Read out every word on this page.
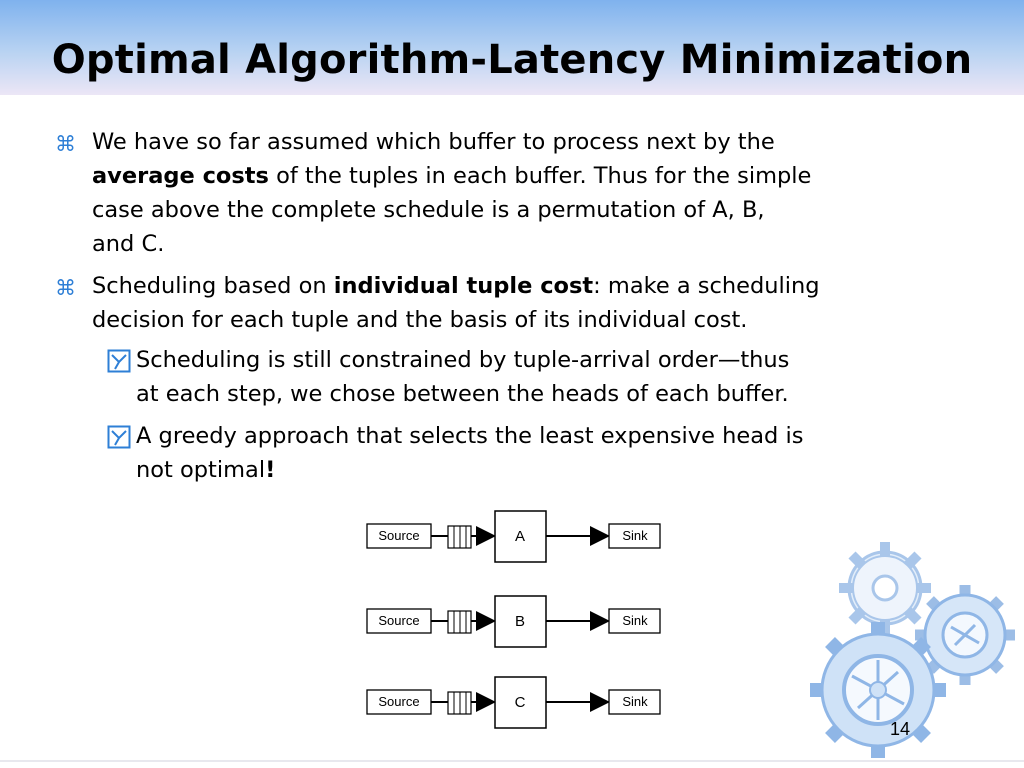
Optimal Algorithm-Latency Minimization
⌘ We have so far assumed which buffer to process next by the
average costs of the tuples in each buffer. Thus for the simple
case above the complete schedule is a permutation of A, B,
and C.
⌘ Scheduling based on individual tuple cost: make a scheduling
decision for each tuple and the basis of its individual cost.
Scheduling is still constrained by tuple-arrival order—thus
at each step, we chose between the heads of each buffer.
A greedy approach that selects the least expensive head is
not optimal!
Source	A	Sink
Source	B	Sink
Source	C	Sink
14
